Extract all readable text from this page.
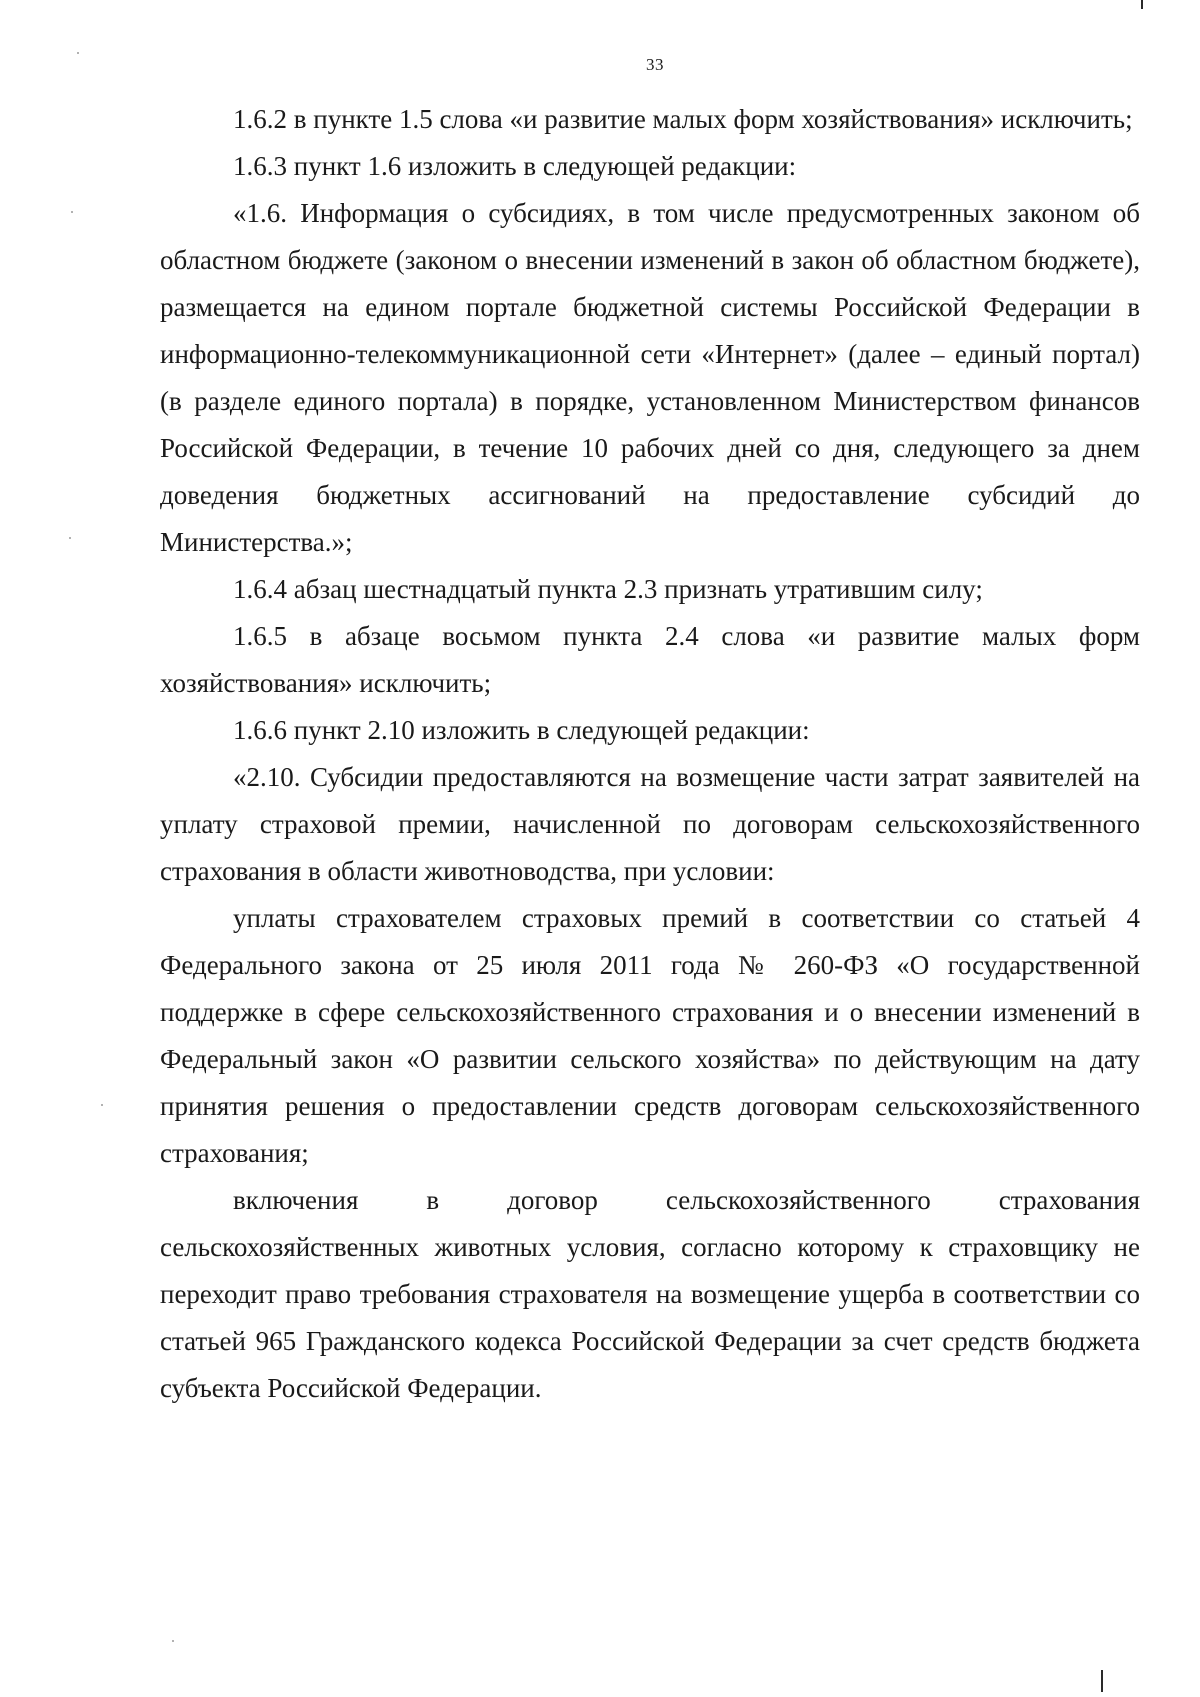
33

1.6.2 в пункте 1.5 слова «и развитие малых форм хозяйствования» исключить;

1.6.3 пункт 1.6 изложить в следующей редакции:

«1.6. Информация о субсидиях, в том числе предусмотренных законом об областном бюджете (законом о внесении изменений в закон об областном бюджете), размещается на едином портале бюджетной системы Российской Федерации в информационно-телекоммуникационной сети «Интернет» (далее – единый портал) (в разделе единого портала) в порядке, установленном Министерством финансов Российской Федерации, в течение 10 рабочих дней со дня, следующего за днем доведения бюджетных ассигнований на предоставление субсидий до Министерства.»;

1.6.4 абзац шестнадцатый пункта 2.3 признать утратившим силу;

1.6.5 в абзаце восьмом пункта 2.4 слова «и развитие малых форм хозяйствования» исключить;

1.6.6 пункт 2.10 изложить в следующей редакции:

«2.10. Субсидии предоставляются на возмещение части затрат заявителей на уплату страховой премии, начисленной по договорам сельскохозяйственного страхования в области животноводства, при условии:

уплаты страхователем страховых премий в соответствии со статьей 4 Федерального закона от 25 июля 2011 года № 260-ФЗ «О государственной поддержке в сфере сельскохозяйственного страхования и о внесении изменений в Федеральный закон «О развитии сельского хозяйства» по действующим на дату принятия решения о предоставлении средств договорам сельскохозяйственного страхования;

включения в договор сельскохозяйственного страхования сельскохозяйственных животных условия, согласно которому к страховщику не переходит право требования страхователя на возмещение ущерба в соответствии со статьей 965 Гражданского кодекса Российской Федерации за счет средств бюджета субъекта Российской Федерации.
